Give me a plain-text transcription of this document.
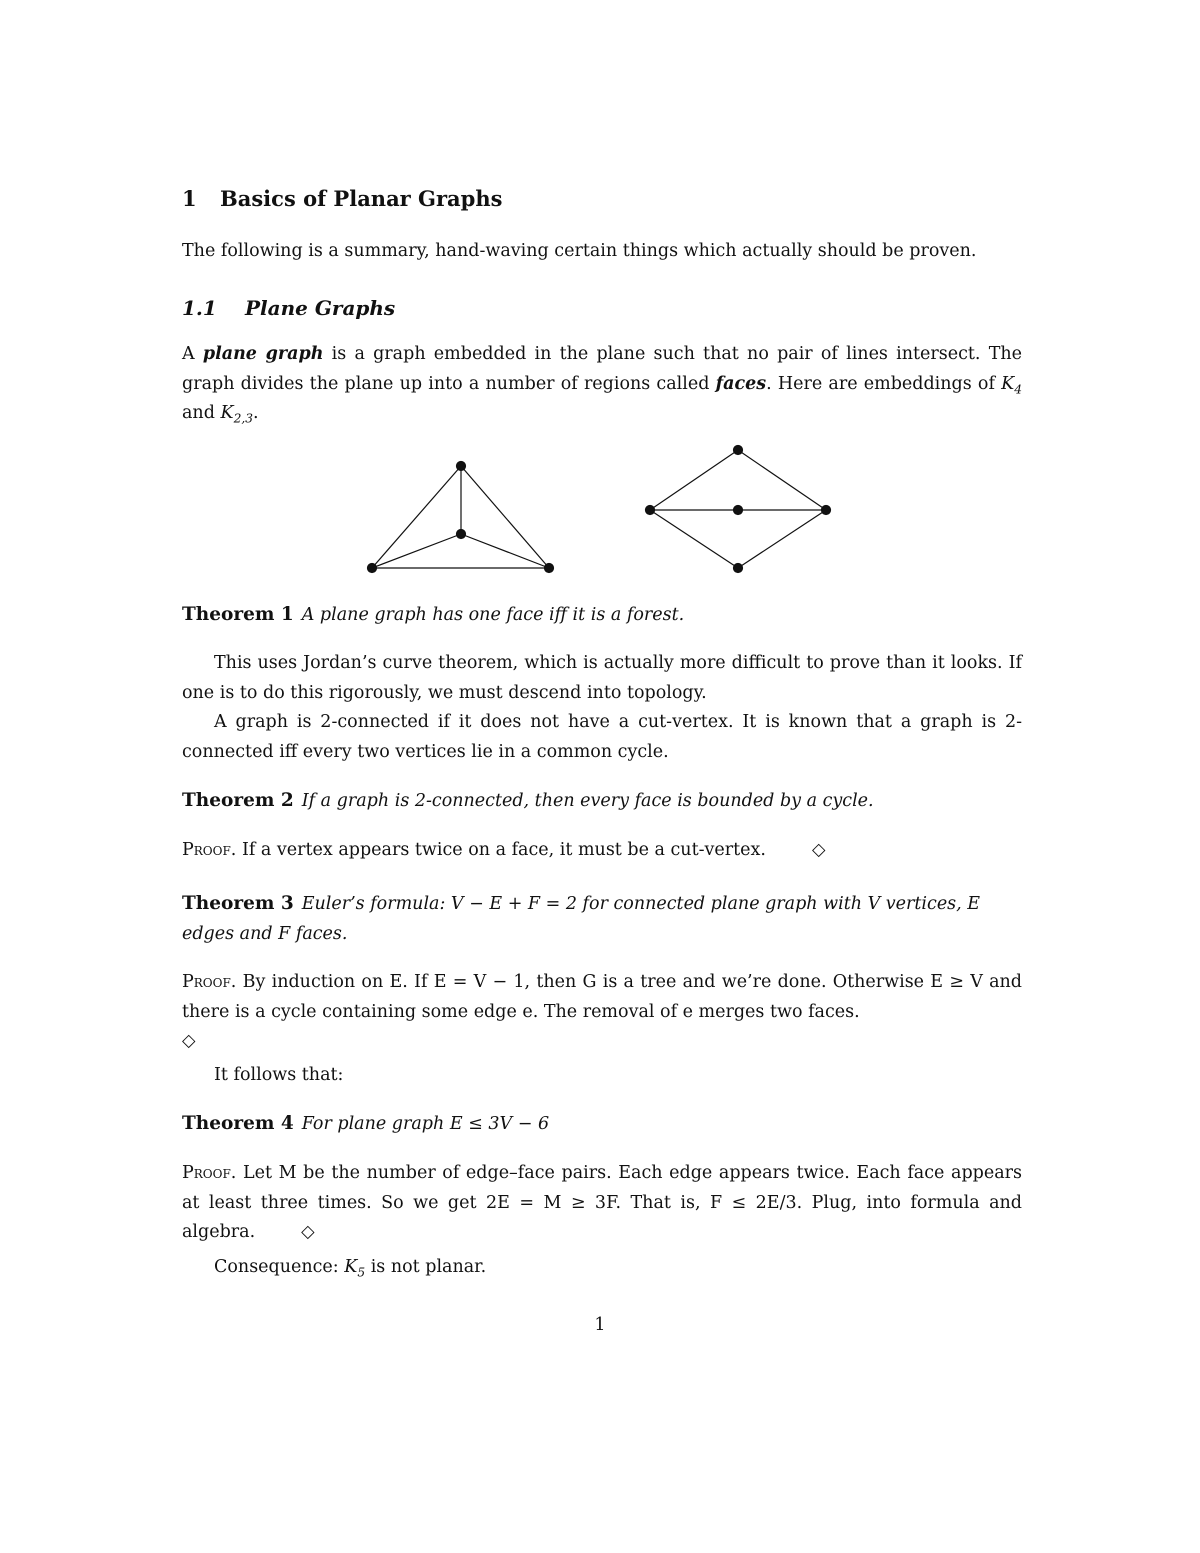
1 Basics of Planar Graphs

The following is a summary, hand-waving certain things which actually should be proven.

1.1 Plane Graphs

A plane graph is a graph embedded in the plane such that no pair of lines intersect. The graph divides the plane up into a number of regions called faces. Here are embeddings of $K_4$ and $K_{2,3}$.

Theorem 1 A plane graph has one face iff it is a forest.

This uses Jordan’s curve theorem, which is actually more difficult to prove than it looks. If one is to do this rigorously, we must descend into topology.

A graph is 2-connected if it does not have a cut-vertex. It is known that a graph is 2-connected iff every two vertices lie in a common cycle.

Theorem 2 If a graph is 2-connected, then every face is bounded by a cycle.

Proof. If a vertex appears twice on a face, it must be a cut-vertex.	◇

Theorem 3 Euler’s formula: V − E + F = 2 for connected plane graph with V vertices, E edges and F faces.

Proof. By induction on E. If E = V − 1, then G is a tree and we’re done. Otherwise E ≥ V and there is a cycle containing some edge e. The removal of e merges two faces.
◇

It follows that:

Theorem 4 For plane graph E ≤ 3V − 6

Proof. Let M be the number of edge–face pairs. Each edge appears twice. Each face appears at least three times. So we get 2E = M ≥ 3F. That is, F ≤ 2E/3. Plug, into formula and algebra.	◇

Consequence: $K_5$ is not planar.

1
